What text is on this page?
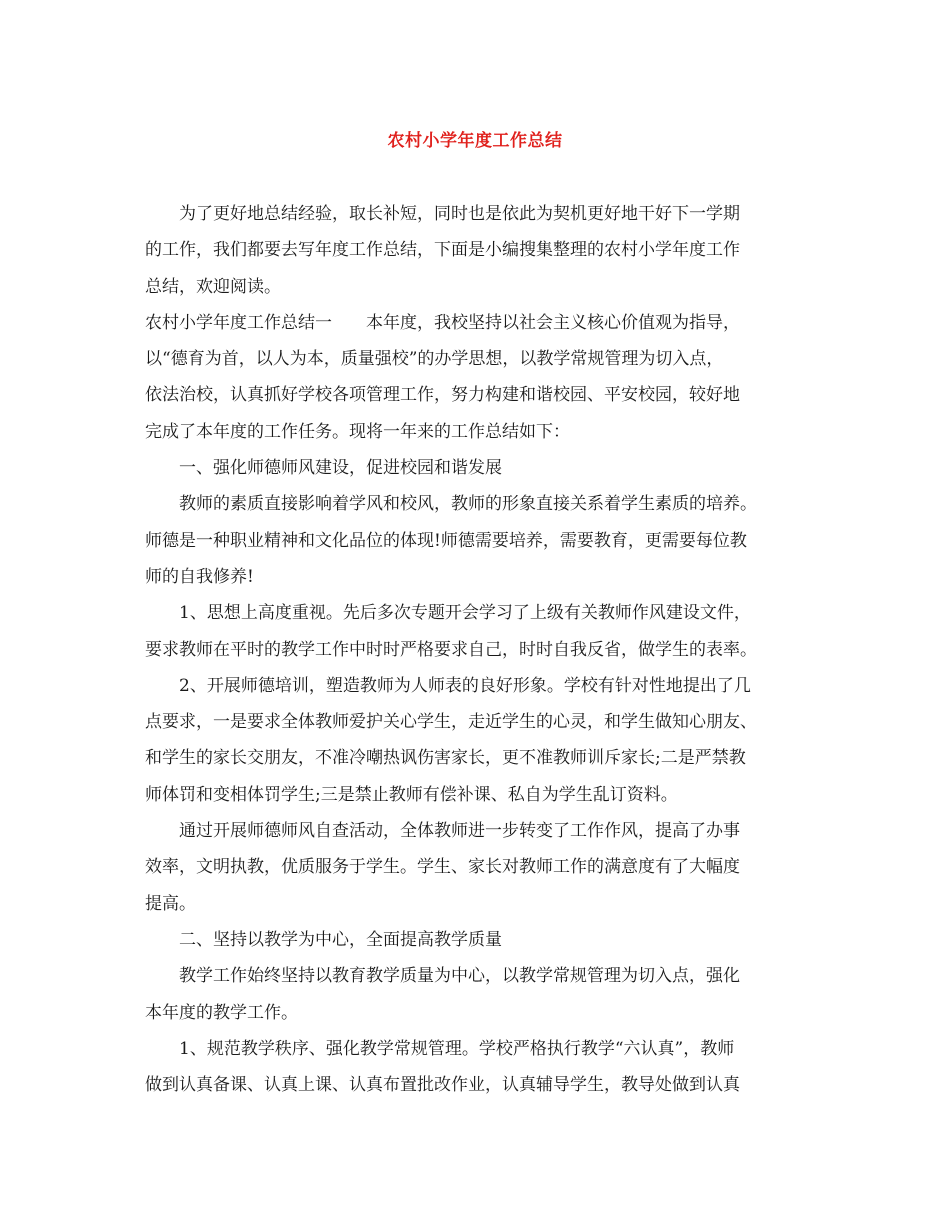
农村小学年度工作总结
为了更好地总结经验，取长补短，同时也是依此为契机更好地干好下一学期
的工作，我们都要去写年度工作总结，下面是小编搜集整理的农村小学年度工作
总结，欢迎阅读。
农村小学年度工作总结一　　本年度，我校坚持以社会主义核心价值观为指导，
以“德育为首，以人为本，质量强校”的办学思想，以教学常规管理为切入点，
依法治校，认真抓好学校各项管理工作，努力构建和谐校园、平安校园，较好地
完成了本年度的工作任务。现将一年来的工作总结如下：
一、强化师德师风建设，促进校园和谐发展
教师的素质直接影响着学风和校风，教师的形象直接关系着学生素质的培养。
师德是一种职业精神和文化品位的体现!师德需要培养，需要教育，更需要每位教
师的自我修养!
1、思想上高度重视。先后多次专题开会学习了上级有关教师作风建设文件，
要求教师在平时的教学工作中时时严格要求自己，时时自我反省，做学生的表率。
2、开展师德培训，塑造教师为人师表的良好形象。学校有针对性地提出了几
点要求，一是要求全体教师爱护关心学生，走近学生的心灵，和学生做知心朋友、
和学生的家长交朋友，不准冷嘲热讽伤害家长，更不准教师训斥家长;二是严禁教
师体罚和变相体罚学生;三是禁止教师有偿补课、私自为学生乱订资料。
通过开展师德师风自查活动，全体教师进一步转变了工作作风，提高了办事
效率，文明执教，优质服务于学生。学生、家长对教师工作的满意度有了大幅度
提高。
二、坚持以教学为中心，全面提高教学质量
教学工作始终坚持以教育教学质量为中心，以教学常规管理为切入点，强化
本年度的教学工作。
1、规范教学秩序、强化教学常规管理。学校严格执行教学“六认真”，教师
做到认真备课、认真上课、认真布置批改作业，认真辅导学生，教导处做到认真
